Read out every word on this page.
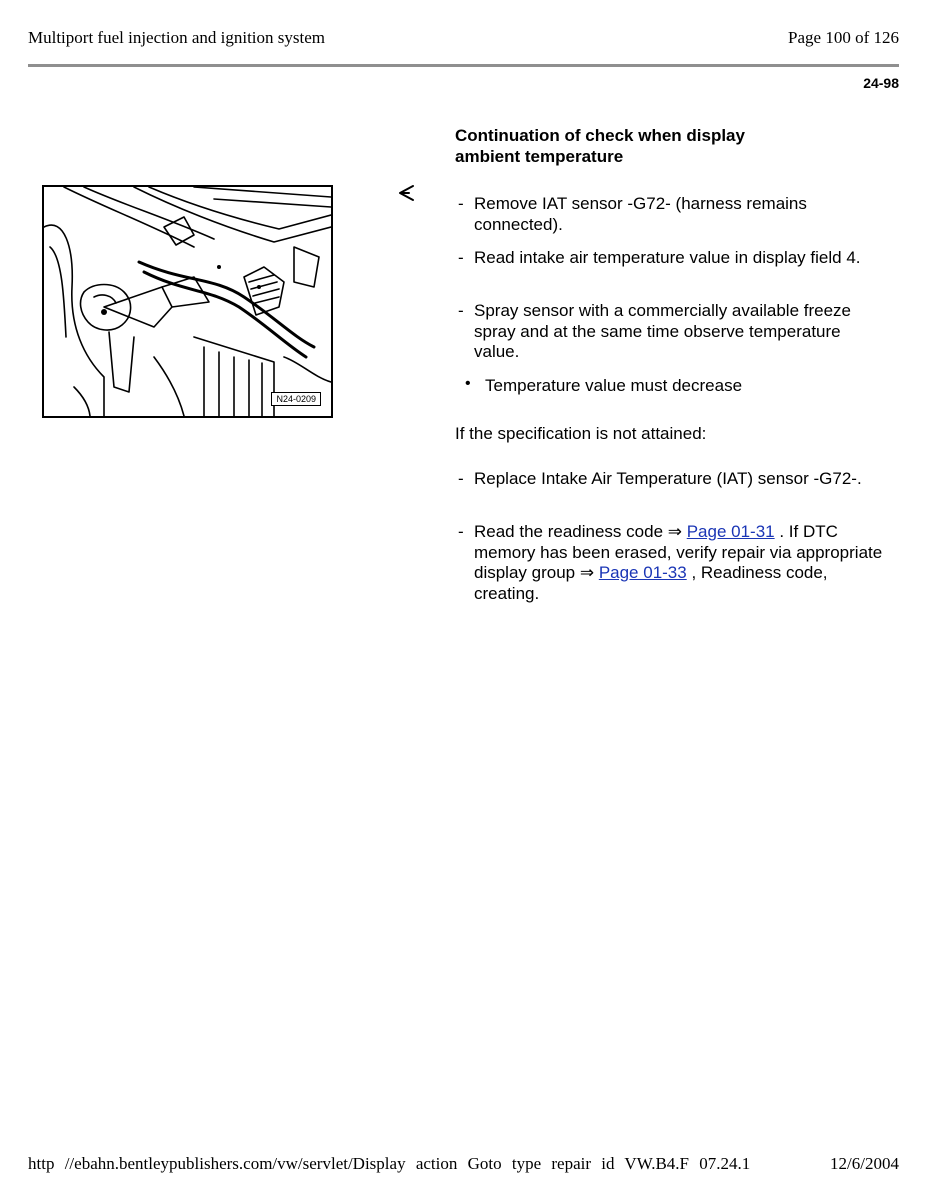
Multiport fuel injection and ignition system	Page 100 of 126
24-98
N24-0209
Continuation of check when display
ambient temperature
- Remove IAT sensor -G72- (harness remains connected).
- Read intake air temperature value in display field 4.
- Spray sensor with a commercially available freeze spray and at the same time observe temperature value.
• Temperature value must decrease
If the specification is not attained:
- Replace Intake Air Temperature (IAT) sensor -G72-.
- Read the readiness code ⇒ Page 01-31 . If DTC memory has been erased, verify repair via appropriate display group ⇒ Page 01-33 , Readiness code, creating.
http //ebahn.bentleypublishers.com/vw/servlet/Display action Goto type repair id VW.B4.F 07.24.1	12/6/2004
